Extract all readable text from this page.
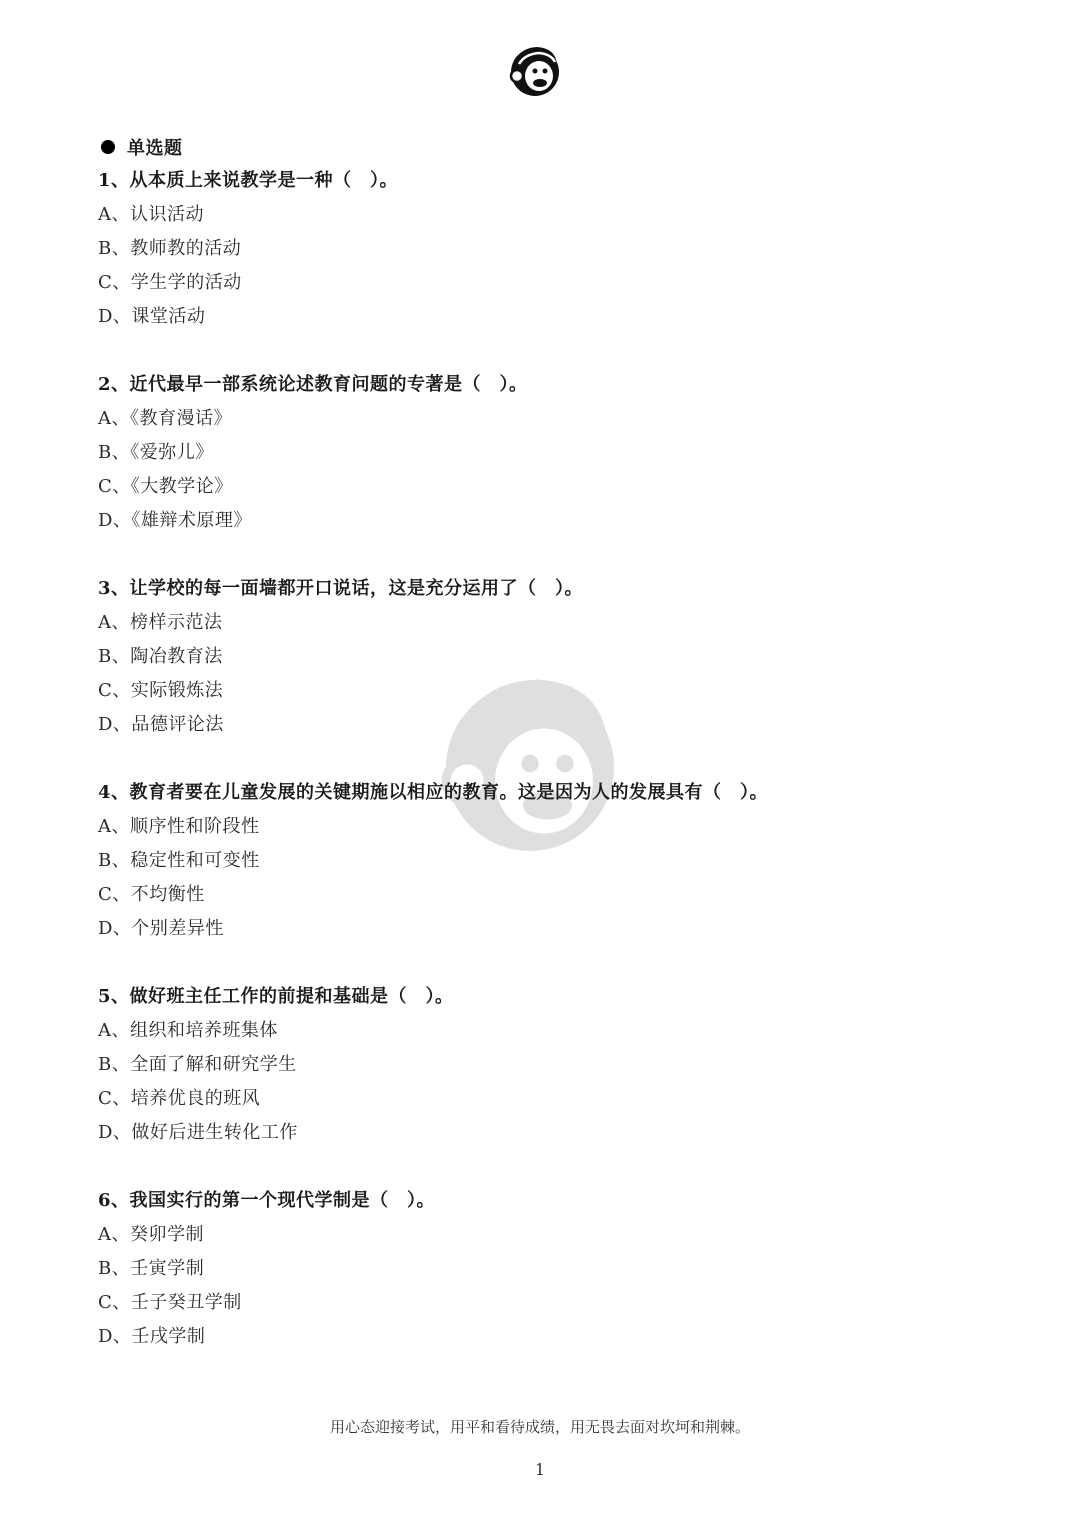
单选题
1、从本质上来说教学是一种（　）。
A、认识活动
B、教师教的活动
C、学生学的活动
D、课堂活动
2、近代最早一部系统论述教育问题的专著是（　）。
A、《教育漫话》
B、《爱弥儿》
C、《大教学论》
D、《雄辩术原理》
3、让学校的每一面墙都开口说话，这是充分运用了（　）。
A、榜样示范法
B、陶冶教育法
C、实际锻炼法
D、品德评论法
4、教育者要在儿童发展的关键期施以相应的教育。这是因为人的发展具有（　）。
A、顺序性和阶段性
B、稳定性和可变性
C、不均衡性
D、个别差异性
5、做好班主任工作的前提和基础是（　）。
A、组织和培养班集体
B、全面了解和研究学生
C、培养优良的班风
D、做好后进生转化工作
6、我国实行的第一个现代学制是（　）。
A、癸卯学制
B、壬寅学制
C、壬子癸丑学制
D、壬戌学制
用心态迎接考试，用平和看待成绩，用无畏去面对坎坷和荆棘。
1
